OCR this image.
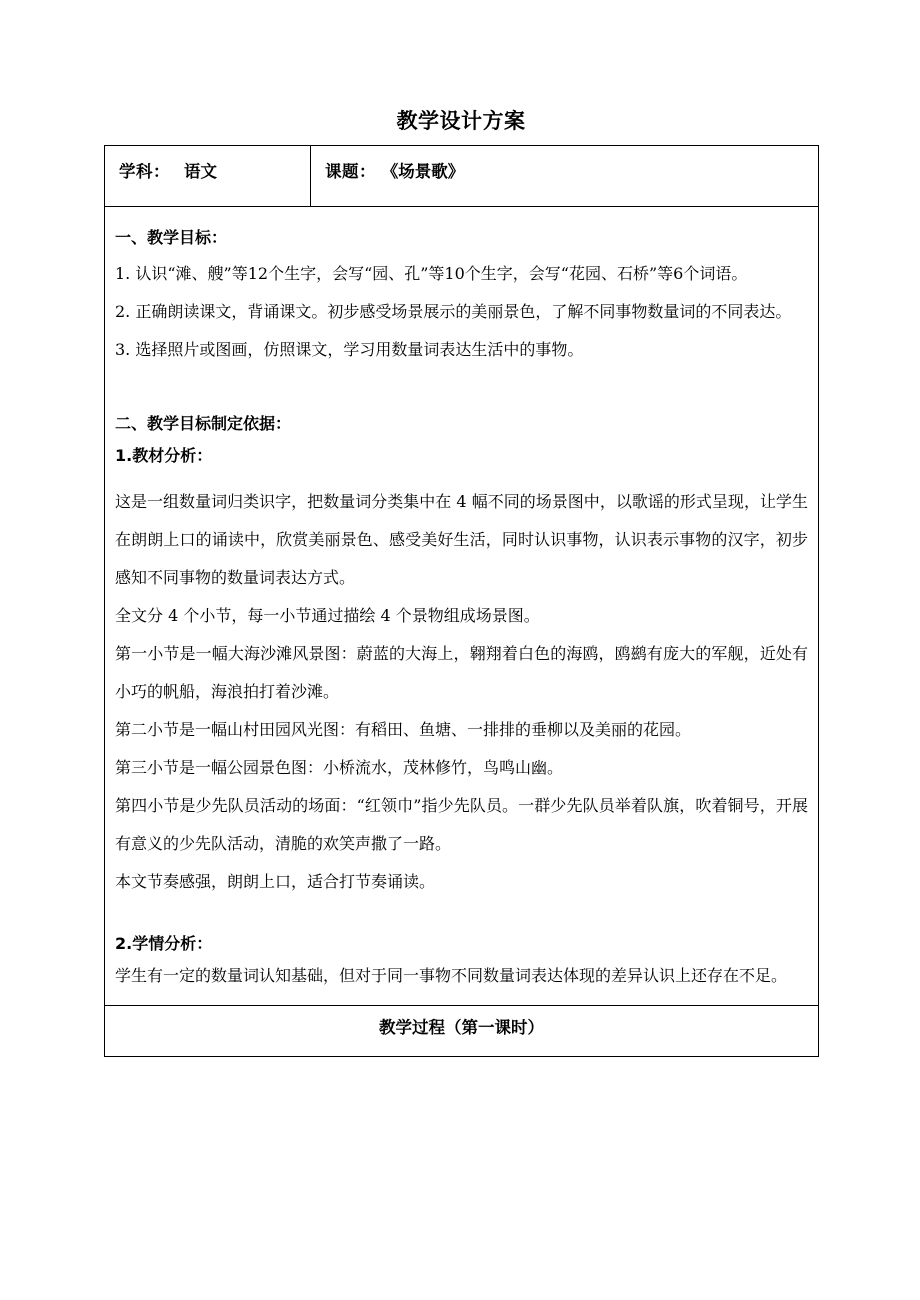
教学设计方案
学科： 语文	课题： 《场景歌》

一、教学目标：

1. 认识“滩、艘”等12个生字，会写“园、孔”等10个生字，会写“花园、石桥”等6个词语。

2. 正确朗读课文，背诵课文。初步感受场景展示的美丽景色，了解不同事物数量词的不同表达。

3. 选择照片或图画，仿照课文，学习用数量词表达生活中的事物。

二、教学目标制定依据：
1.教材分析：

这是一组数量词归类识字，把数量词分类集中在 4 幅不同的场景图中，以歌谣的形式呈现，让学生在朗朗上口的诵读中，欣赏美丽景色、感受美好生活，同时认识事物，认识表示事物的汉字，初步感知不同事物的数量词表达方式。

全文分 4 个小节，每一小节通过描绘 4 个景物组成场景图。

第一小节是一幅大海沙滩风景图：蔚蓝的大海上，翱翔着白色的海鸥，鸥鹚有庞大的军舰，近处有小巧的帆船，海浪拍打着沙滩。

第二小节是一幅山村田园风光图：有稻田、鱼塘、一排排的垂柳以及美丽的花园。

第三小节是一幅公园景色图：小桥流水，茂林修竹，鸟鸣山幽。

第四小节是少先队员活动的场面：“红领巾”指少先队员。一群少先队员举着队旗，吹着铜号，开展有意义的少先队活动，清脆的欢笑声撒了一路。

本文节奏感强，朗朗上口，适合打节奏诵读。

2.学情分析：

学生有一定的数量词认知基础，但对于同一事物不同数量词表达体现的差异认识上还存在不足。

教学过程（第一课时）
